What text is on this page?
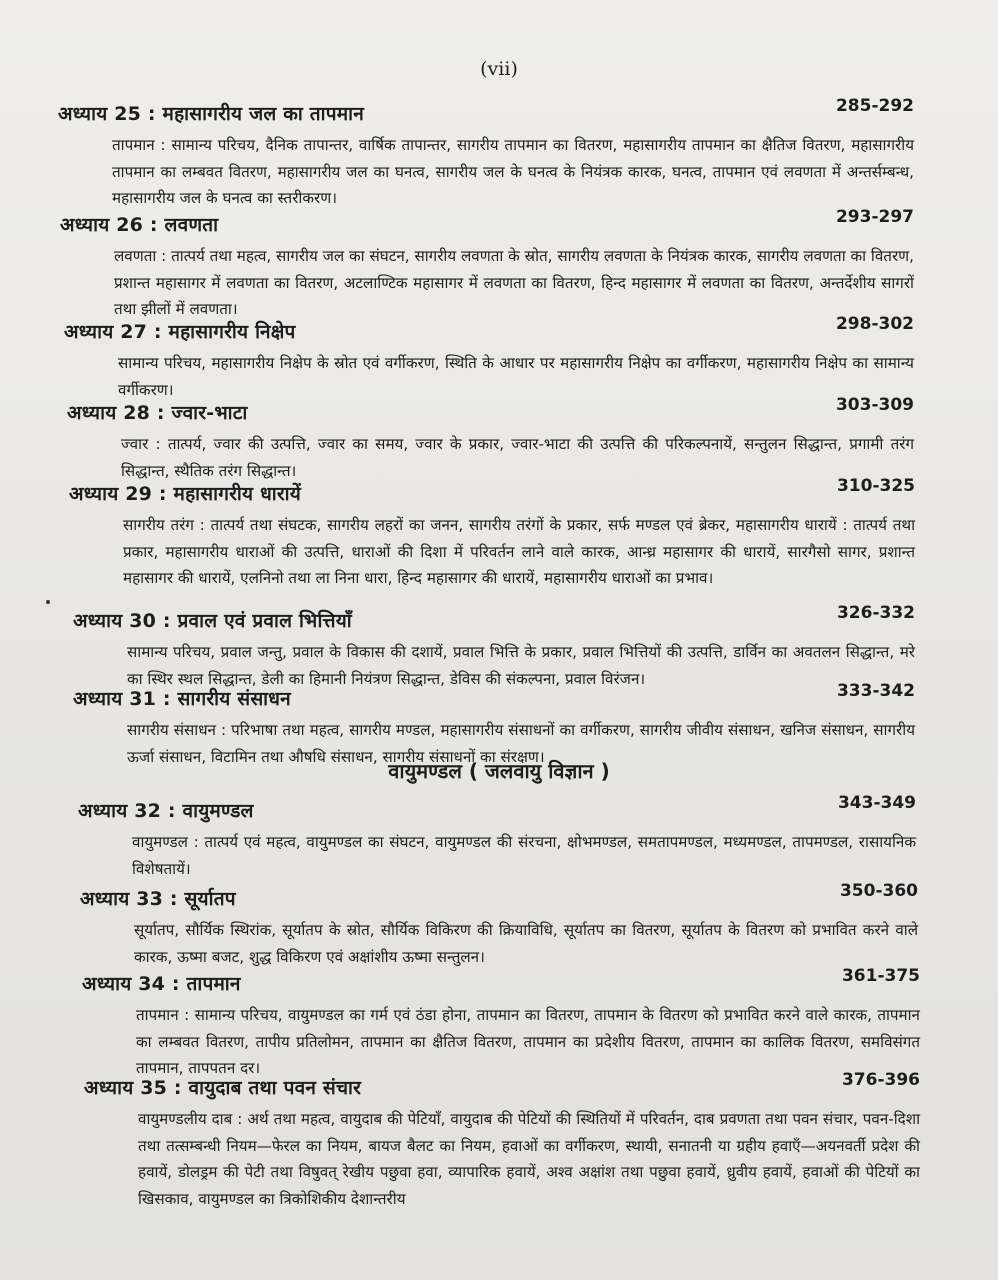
(vii)
अध्याय 25 : महासागरीय जल का तापमान	285-292
तापमान : सामान्य परिचय, दैनिक तापान्तर, वार्षिक तापान्तर, सागरीय तापमान का वितरण, महासागरीय तापमान का क्षैतिज वितरण, महासागरीय तापमान का लम्बवत वितरण, महासागरीय जल का घनत्व, सागरीय जल के घनत्व के नियंत्रक कारक, घनत्व, तापमान एवं लवणता में अन्तर्सम्बन्ध, महासागरीय जल के घनत्व का स्तरीकरण।
अध्याय 26 : लवणता	293-297
लवणता : तात्पर्य तथा महत्व, सागरीय जल का संघटन, सागरीय लवणता के स्रोत, सागरीय लवणता के नियंत्रक कारक, सागरीय लवणता का वितरण, प्रशान्त महासागर में लवणता का वितरण, अटलाण्टिक महासागर में लवणता का वितरण, हिन्द महासागर में लवणता का वितरण, अन्तर्देशीय सागरों तथा झीलों में लवणता।
अध्याय 27 : महासागरीय निक्षेप	298-302
सामान्य परिचय, महासागरीय निक्षेप के स्रोत एवं वर्गीकरण, स्थिति के आधार पर महासागरीय निक्षेप का वर्गीकरण, महासागरीय निक्षेप का सामान्य वर्गीकरण।
अध्याय 28 : ज्वार-भाटा	303-309
ज्वार : तात्पर्य, ज्वार की उत्पत्ति, ज्वार का समय, ज्वार के प्रकार, ज्वार-भाटा की उत्पत्ति की परिकल्पनायें, सन्तुलन सिद्धान्त, प्रगामी तरंग सिद्धान्त, स्थैतिक तरंग सिद्धान्त।
अध्याय 29 : महासागरीय धारायें	310-325
सागरीय तरंग : तात्पर्य तथा संघटक, सागरीय लहरों का जनन, सागरीय तरंगों के प्रकार, सर्फ मण्डल एवं ब्रेकर, महासागरीय धारायें : तात्पर्य तथा प्रकार, महासागरीय धाराओं की उत्पत्ति, धाराओं की दिशा में परिवर्तन लाने वाले कारक, आन्ध्र महासागर की धारायें, सारगैसो सागर, प्रशान्त महासागर की धारायें, एलनिनो तथा ला निना धारा, हिन्द महासागर की धारायें, महासागरीय धाराओं का प्रभाव।
अध्याय 30 : प्रवाल एवं प्रवाल भित्तियाँ	326-332
सामान्य परिचय, प्रवाल जन्तु, प्रवाल के विकास की दशायें, प्रवाल भित्ति के प्रकार, प्रवाल भित्तियों की उत्पत्ति, डार्विन का अवतलन सिद्धान्त, मरे का स्थिर स्थल सिद्धान्त, डेली का हिमानी नियंत्रण सिद्धान्त, डेविस की संकल्पना, प्रवाल विरंजन।
अध्याय 31 : सागरीय संसाधन	333-342
सागरीय संसाधन : परिभाषा तथा महत्व, सागरीय मण्डल, महासागरीय संसाधनों का वर्गीकरण, सागरीय जीवीय संसाधन, खनिज संसाधन, सागरीय ऊर्जा संसाधन, विटामिन तथा औषधि संसाधन, सागरीय संसाधनों का संरक्षण।
वायुमण्डल ( जलवायु विज्ञान )
अध्याय 32 : वायुमण्डल	343-349
वायुमण्डल : तात्पर्य एवं महत्व, वायुमण्डल का संघटन, वायुमण्डल की संरचना, क्षोभमण्डल, समतापमण्डल, मध्यमण्डल, तापमण्डल, रासायनिक विशेषतायें।
अध्याय 33 : सूर्यातप	350-360
सूर्यातप, सौर्यिक स्थिरांक, सूर्यातप के स्रोत, सौर्यिक विकिरण की क्रियाविधि, सूर्यातप का वितरण, सूर्यातप के वितरण को प्रभावित करने वाले कारक, ऊष्मा बजट, शुद्ध विकिरण एवं अक्षांशीय ऊष्मा सन्तुलन।
अध्याय 34 : तापमान	361-375
तापमान : सामान्य परिचय, वायुमण्डल का गर्म एवं ठंडा होना, तापमान का वितरण, तापमान के वितरण को प्रभावित करने वाले कारक, तापमान का लम्बवत वितरण, तापीय प्रतिलोमन, तापमान का क्षैतिज वितरण, तापमान का प्रदेशीय वितरण, तापमान का कालिक वितरण, समविसंगत तापमान, तापपतन दर।
अध्याय 35 : वायुदाब तथा पवन संचार	376-396
वायुमण्डलीय दाब : अर्थ तथा महत्व, वायुदाब की पेटियाँ, वायुदाब की पेटियों की स्थितियों में परिवर्तन, दाब प्रवणता तथा पवन संचार, पवन-दिशा तथा तत्सम्बन्धी नियम—फेरल का नियम, बायज बैलट का नियम, हवाओं का वर्गीकरण, स्थायी, सनातनी या ग्रहीय हवाएँ—अयनवर्ती प्रदेश की हवायें, डोलड्रम की पेटी तथा विषुवत् रेखीय पछुवा हवा, व्यापारिक हवायें, अश्व अक्षांश तथा पछुवा हवायें, ध्रुवीय हवायें, हवाओं की पेटियों का खिसकाव, वायुमण्डल का त्रिकोशिकीय देशान्तरीय
